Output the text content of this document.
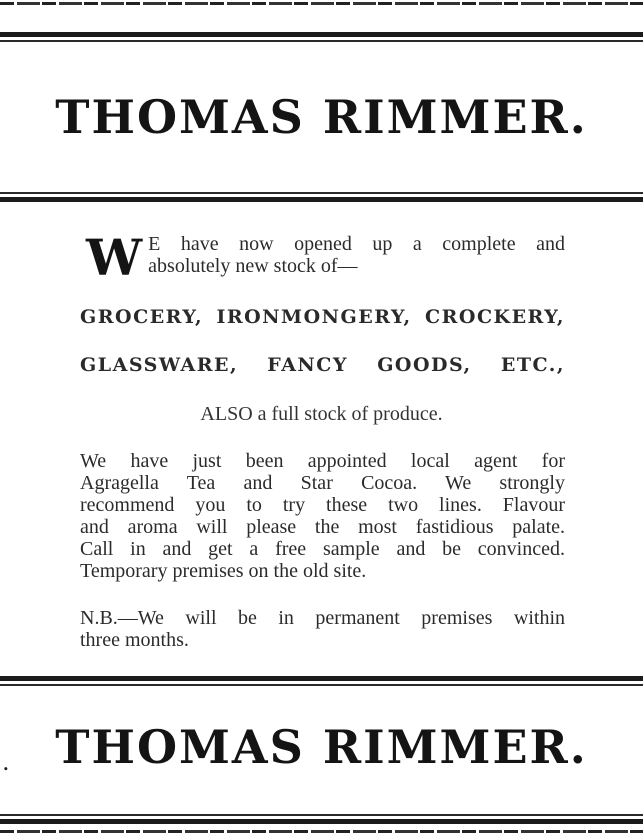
THOMAS RIMMER.
W E have now opened up a complete and
absolutely new stock of—
GROCERY, IRONMONGERY, CROCKERY,
GLASSWARE, FANCY GOODS, ETC.,
ALSO a full stock of produce.
We have just been appointed local agent for
Agragella Tea and Star Cocoa. We strongly
recommend you to try these two lines. Flavour
and aroma will please the most fastidious palate.
Call in and get a free sample and be convinced.
Temporary premises on the old site.
N.B.—We will be in permanent premises within
three months.
. THOMAS RIMMER.
